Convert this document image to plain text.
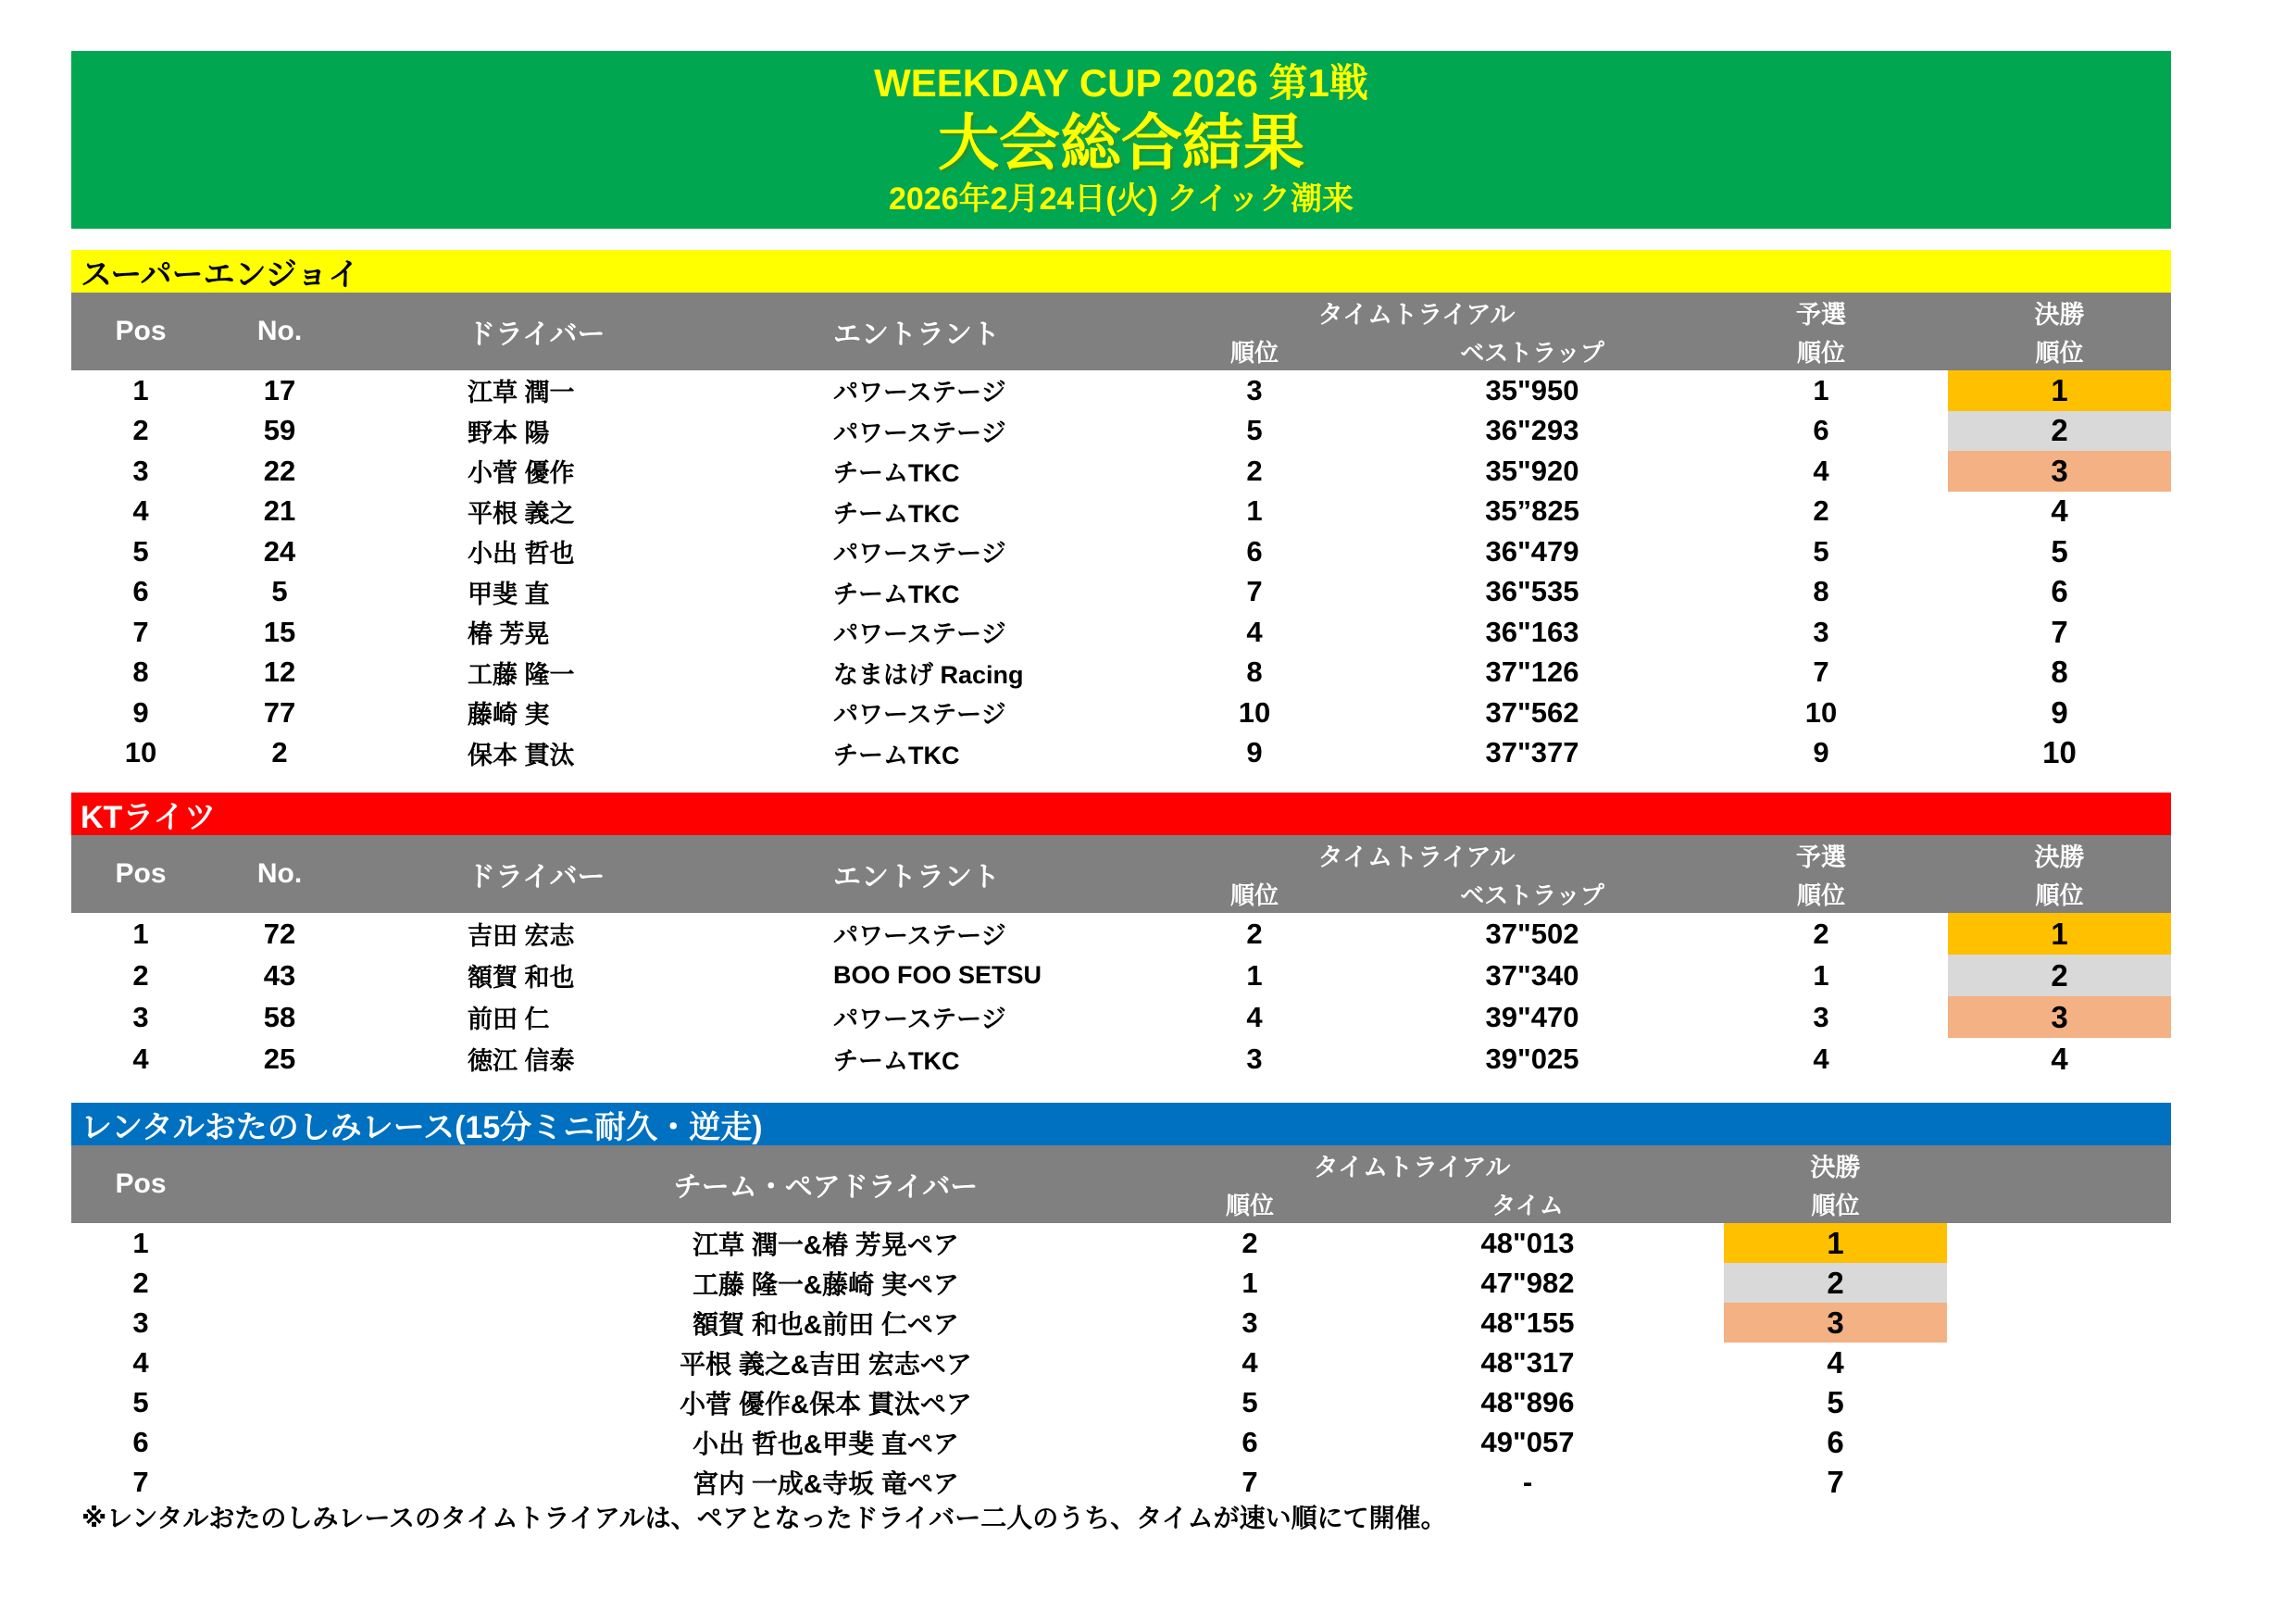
WEEKDAY CUP 2026 第1戦
大会総合結果
2026年2月24日(火) クイック潮来
スーパーエンジョイ
Pos	No.	ドライバー	エントラント
タイムトライアル	予選	決勝
順位	ベストラップ	順位	順位
1	17	江草 潤一	パワーステージ	3	35"950	1	1
2	59	野本 陽	パワーステージ	5	36"293	6	2
3	22	小菅 優作	チームTKC	2	35"920	4	3
4	21	平根 義之	チームTKC	1	35”825	2	4
5	24	小出 哲也	パワーステージ	6	36"479	5	5
6	5	甲斐 直	チームTKC	7	36"535	8	6
7	15	椿 芳晃	パワーステージ	4	36"163	3	7
8	12	工藤 隆一	なまはげ Racing	8	37"126	7	8
9	77	藤崎 実	パワーステージ	10	37"562	10	9
10	2	保本 貫汰	チームTKC	9	37"377	9	10
KTライツ
Pos	No.	ドライバー	エントラント
タイムトライアル	予選	決勝
順位	ベストラップ	順位	順位
1	72	吉田 宏志	パワーステージ	2	37"502	2	1
2	43	額賀 和也	BOO FOO SETSU	1	37"340	1	2
3	58	前田 仁	パワーステージ	4	39"470	3	3
4	25	徳江 信泰	チームTKC	3	39"025	4	4
レンタルおたのしみレース(15分ミニ耐久・逆走)
Pos	チーム・ペアドライバー
タイムトライアル	決勝
順位	タイム	順位
1	江草 潤一&椿 芳晃ペア	2	48"013	1
2	工藤 隆一&藤崎 実ペア	1	47"982	2
3	額賀 和也&前田 仁ペア	3	48"155	3
4	平根 義之&吉田 宏志ペア	4	48"317	4
5	小菅 優作&保本 貫汰ペア	5	48"896	5
6	小出 哲也&甲斐 直ペア	6	49"057	6
7	宮内 一成&寺坂 竜ペア	7	-	7

※レンタルおたのしみレースのタイムトライアルは、ペアとなったドライバー二人のうち、タイムが速い順にて開催。
